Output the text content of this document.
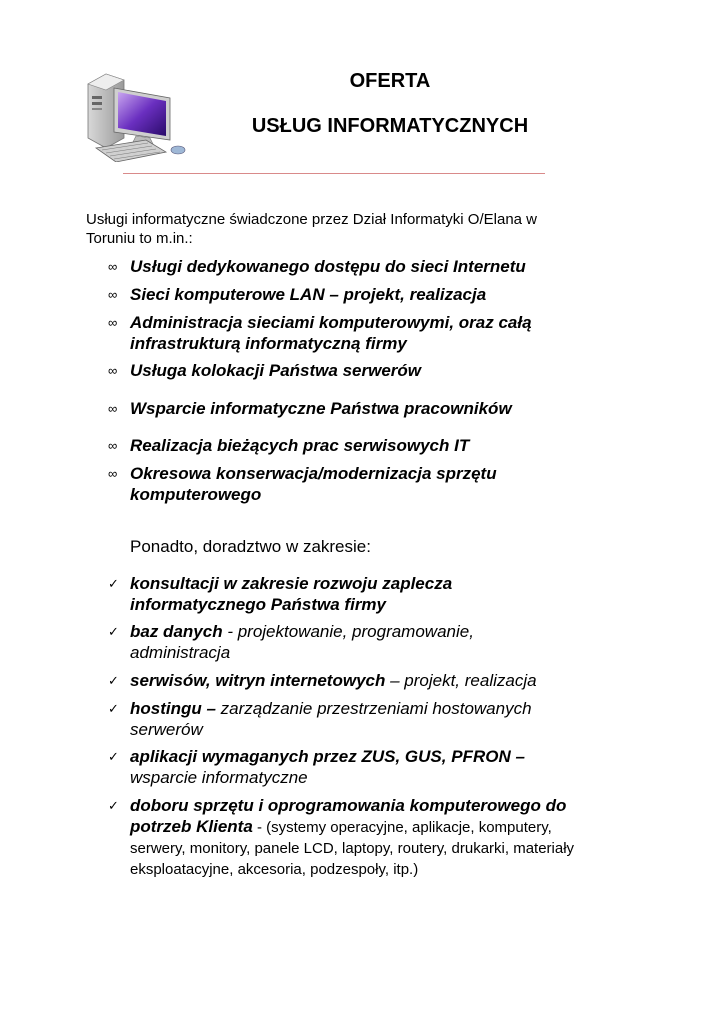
OFERTA
USŁUG INFORMATYCZNYCH
Usługi informatyczne świadczone przez Dział Informatyki O/Elana w Toruniu to m.in.:
∞ Usługi dedykowanego dostępu do sieci Internetu
∞ Sieci komputerowe LAN – projekt, realizacja
∞ Administracja sieciami komputerowymi, oraz całą
infrastrukturą informatyczną firmy
∞ Usługa kolokacji Państwa serwerów
∞ Wsparcie informatyczne Państwa pracowników
∞ Realizacja bieżących prac serwisowych IT
∞ Okresowa konserwacja/modernizacja sprzętu
komputerowego
Ponadto, doradztwo w zakresie:
✓ konsultacji w zakresie rozwoju zaplecza informatycznego Państwa firmy
✓ baz danych - projektowanie, programowanie, administracja
✓ serwisów, witryn internetowych – projekt, realizacja
✓ hostingu – zarządzanie przestrzeniami hostowanych serwerów
✓ aplikacji wymaganych przez ZUS, GUS, PFRON – wsparcie informatyczne
✓ doboru sprzętu i oprogramowania komputerowego do potrzeb Klienta - (systemy operacyjne, aplikacje, komputery, serwery, monitory, panele LCD, laptopy, routery, drukarki, materiały eksploatacyjne, akcesoria, podzespoły, itp.)
